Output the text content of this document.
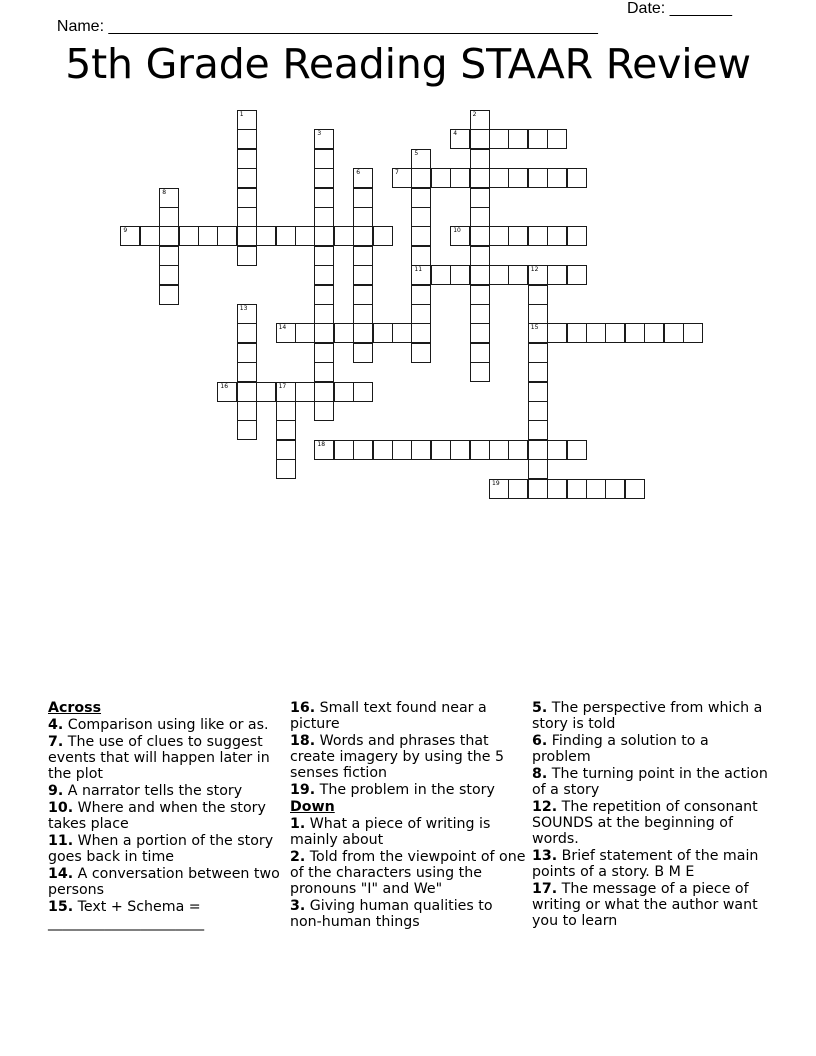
Name: _______________________________________________________

Date: _______

5th Grade Reading STAAR Review
4
7
9	10
11	12
14	15
16	17
18
19
1	2
3
5
6
8
13
Across
4. Comparison using like or as.
7. The use of clues to suggest events that will happen later in the plot
9. A narrator tells the story
10. Where and when the story takes place
11. When a portion of the story goes back in time
14. A conversation between two persons
15. Text + Schema = ______________________
16. Small text found near a picture
18. Words and phrases that create imagery by using the 5 senses fiction
19. The problem in the story
Down
1. What a piece of writing is mainly about
2. Told from the viewpoint of one of the characters using the pronouns "I" and We"
3. Giving human qualities to non-human things
5. The perspective from which a story is told
6. Finding a solution to a problem
8. The turning point in the action of a story
12. The repetition of consonant SOUNDS at the beginning of words.
13. Brief statement of the main points of a story. B M E
17. The message of a piece of writing or what the author want you to learn
